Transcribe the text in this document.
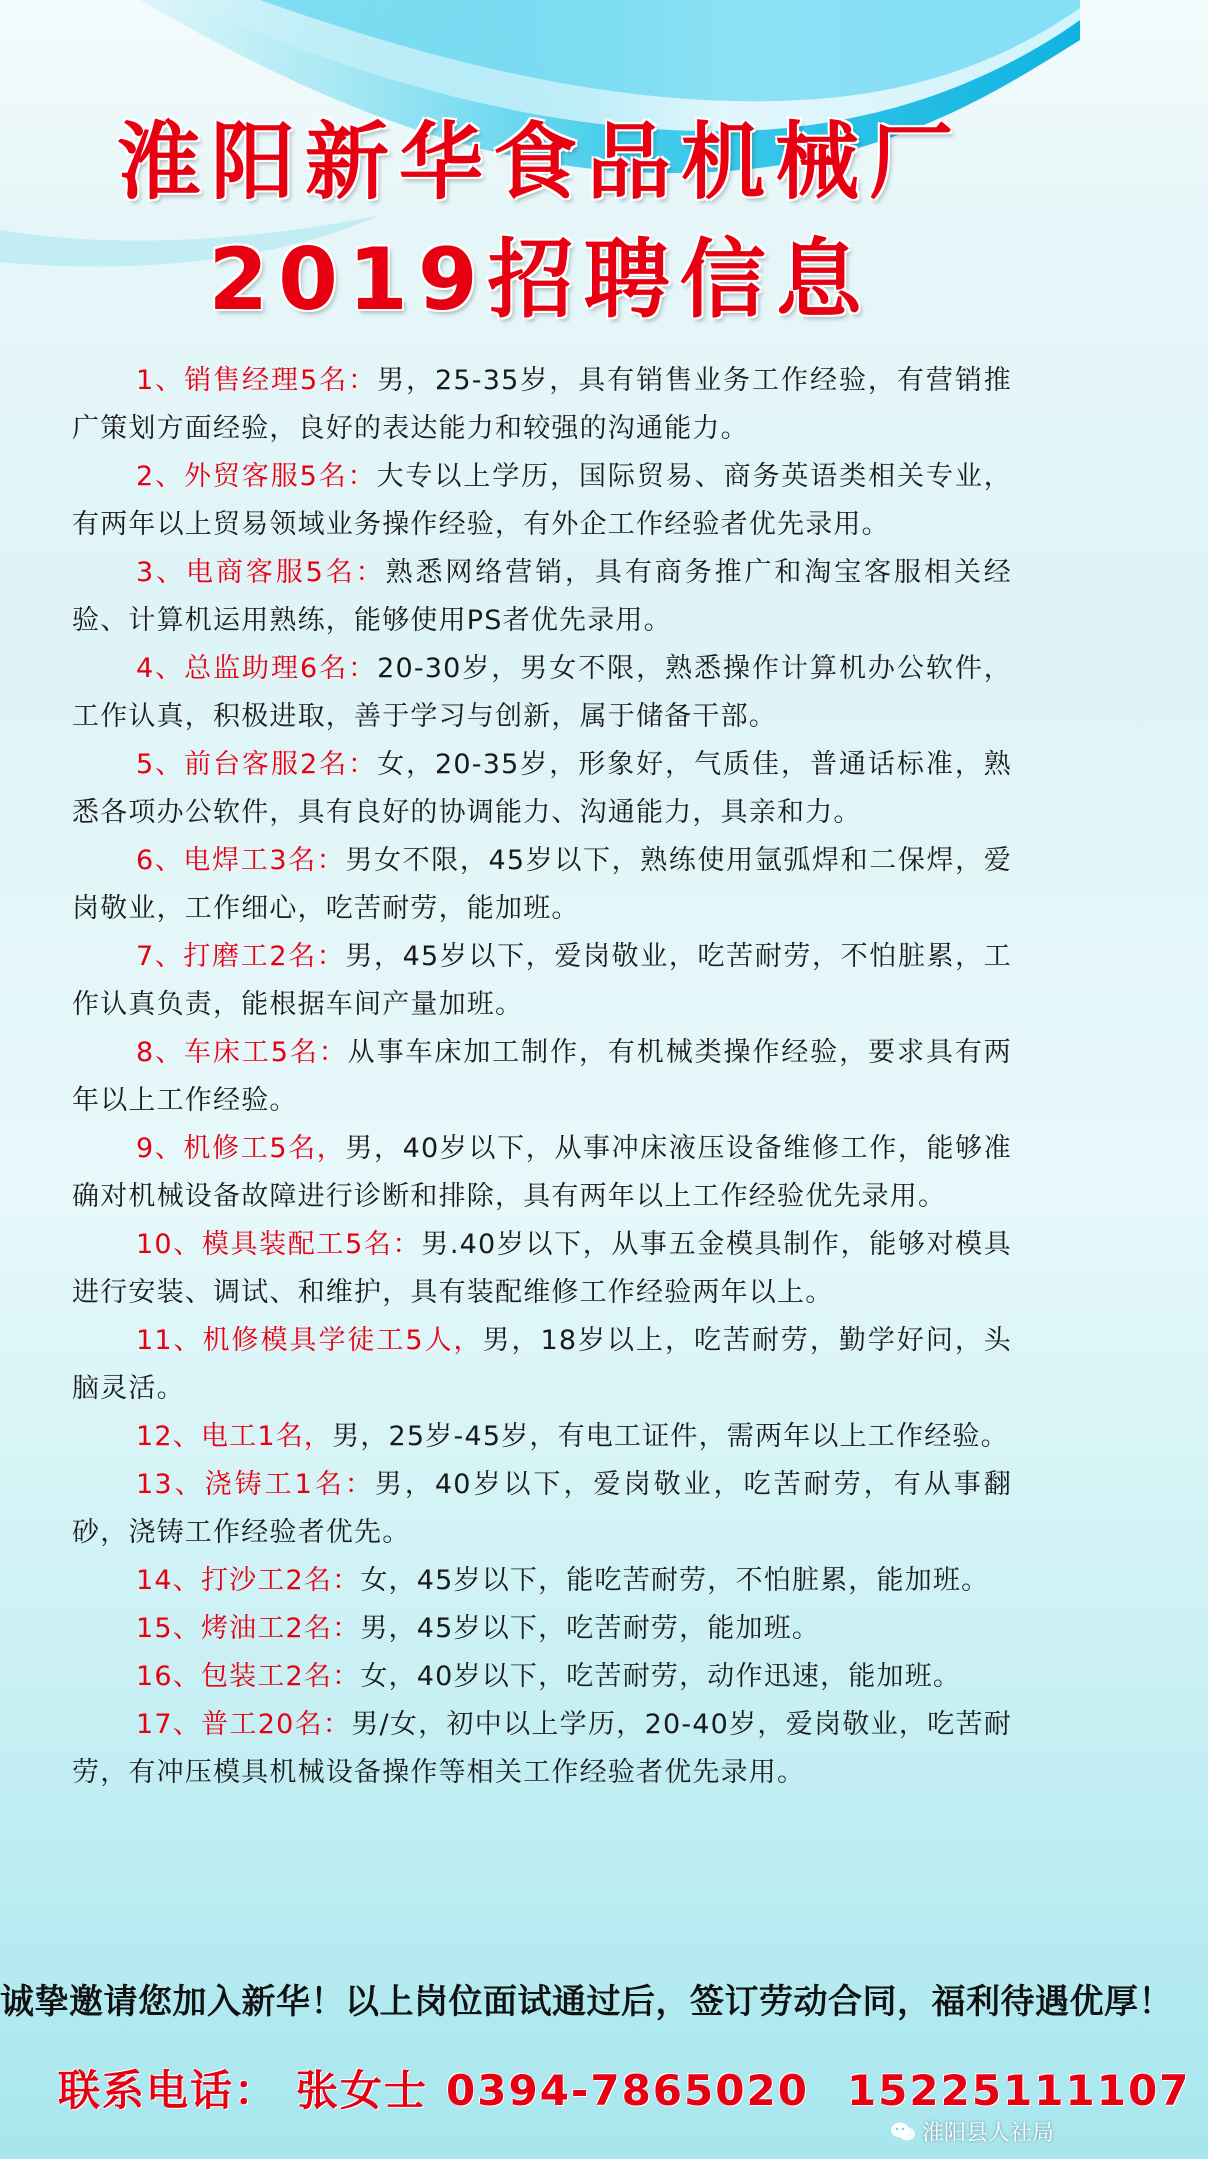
淮阳新华食品机械厂
2019招聘信息
1、销售经理5名：男，25-35岁，具有销售业务工作经验，有营销推广策划方面经验，良好的表达能力和较强的沟通能力。
2、外贸客服5名：大专以上学历，国际贸易、商务英语类相关专业，有两年以上贸易领域业务操作经验，有外企工作经验者优先录用。
3、电商客服5名：熟悉网络营销，具有商务推广和淘宝客服相关经验、计算机运用熟练，能够使用PS者优先录用。
4、总监助理6名：20-30岁，男女不限，熟悉操作计算机办公软件，工作认真，积极进取，善于学习与创新，属于储备干部。
5、前台客服2名：女，20-35岁，形象好，气质佳，普通话标准，熟悉各项办公软件，具有良好的协调能力、沟通能力，具亲和力。
6、电焊工3名：男女不限，45岁以下，熟练使用氩弧焊和二保焊，爱岗敬业，工作细心，吃苦耐劳，能加班。
7、打磨工2名：男，45岁以下，爱岗敬业，吃苦耐劳，不怕脏累，工作认真负责，能根据车间产量加班。
8、车床工5名：从事车床加工制作，有机械类操作经验，要求具有两年以上工作经验。
9、机修工5名，男，40岁以下，从事冲床液压设备维修工作，能够准确对机械设备故障进行诊断和排除，具有两年以上工作经验优先录用。
10、模具装配工5名：男.40岁以下，从事五金模具制作，能够对模具进行安装、调试、和维护，具有装配维修工作经验两年以上。
11、机修模具学徒工5人，男，18岁以上，吃苦耐劳，勤学好问，头脑灵活。
12、电工1名，男，25岁-45岁，有电工证件，需两年以上工作经验。
13、浇铸工1名：男，40岁以下，爱岗敬业，吃苦耐劳，有从事翻砂，浇铸工作经验者优先。
14、打沙工2名：女，45岁以下，能吃苦耐劳，不怕脏累，能加班。
15、烤油工2名：男，45岁以下，吃苦耐劳，能加班。
16、包装工2名：女，40岁以下，吃苦耐劳，动作迅速，能加班。
17、普工20名：男/女，初中以上学历，20-40岁，爱岗敬业，吃苦耐劳，有冲压模具机械设备操作等相关工作经验者优先录用。
诚挚邀请您加入新华！以上岗位面试通过后，签订劳动合同，福利待遇优厚！
联系电话： 张女士 0394-7865020 15225111107
淮阳县人社局
